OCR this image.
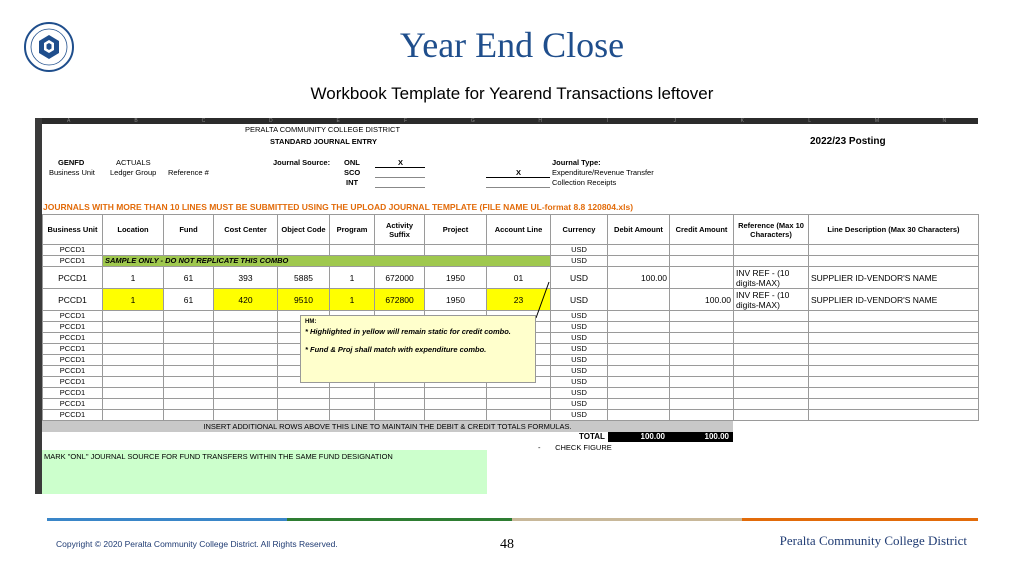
Year End Close
Workbook Template for Yearend Transactions leftover
A	B	C	D	E	F	G	H	I	J	K	L	M	N
PERALTA COMMUNITY COLLEGE DISTRICT
STANDARD JOURNAL ENTRY	2022/23 Posting
GENFD	ACTUALS
Business Unit Ledger Group Reference #
Journal Source: ONL
SCO
INT
X	Journal Type:
X	Expenditure/Revenue Transfer
Collection Receipts
JOURNALS WITH MORE THAN 10 LINES MUST BE SUBMITTED USING THE UPLOAD JOURNAL TEMPLATE (FILE NAME UL-format 8.8 120804.xls)
Business Unit	Location	Fund	Cost Center	Object Code	Program	Activity Suffix	Project	Account Line	Currency	Debit Amount	Credit Amount	Reference (Max 10 Characters)	Line Description (Max 30 Characters)
PCCD1									USD				
PCCD1	SAMPLE ONLY - DO NOT REPLICATE THIS COMBO								USD				
PCCD1	1	61	393	5885	1	672000	1950	01	USD	100.00		INV REF - (10 digits-MAX)	SUPPLIER ID-VENDOR'S NAME
PCCD1	1	61	420	9510	1	672800	1950	23	USD		100.00	INV REF - (10 digits-MAX)	SUPPLIER ID-VENDOR'S NAME
PCCD1									USD				
PCCD1									USD				
PCCD1									USD				
PCCD1									USD				
PCCD1									USD				
PCCD1									USD				
PCCD1									USD				
PCCD1									USD				
PCCD1									USD				
PCCD1									USD				
HM:

* Highlighted in yellow will remain static for credit combo.

* Fund & Proj shall match with expenditure combo.

INSERT ADDITIONAL ROWS ABOVE THIS LINE TO MAINTAIN THE DEBIT & CREDIT TOTALS FORMULAS.
TOTAL	100.00	100.00
- CHECK FIGURE
MARK "ONL" JOURNAL SOURCE FOR FUND TRANSFERS WITHIN THE SAME FUND DESIGNATION
Copyright © 2020 Peralta Community College District. All Rights Reserved.	48	Peralta Community College District
